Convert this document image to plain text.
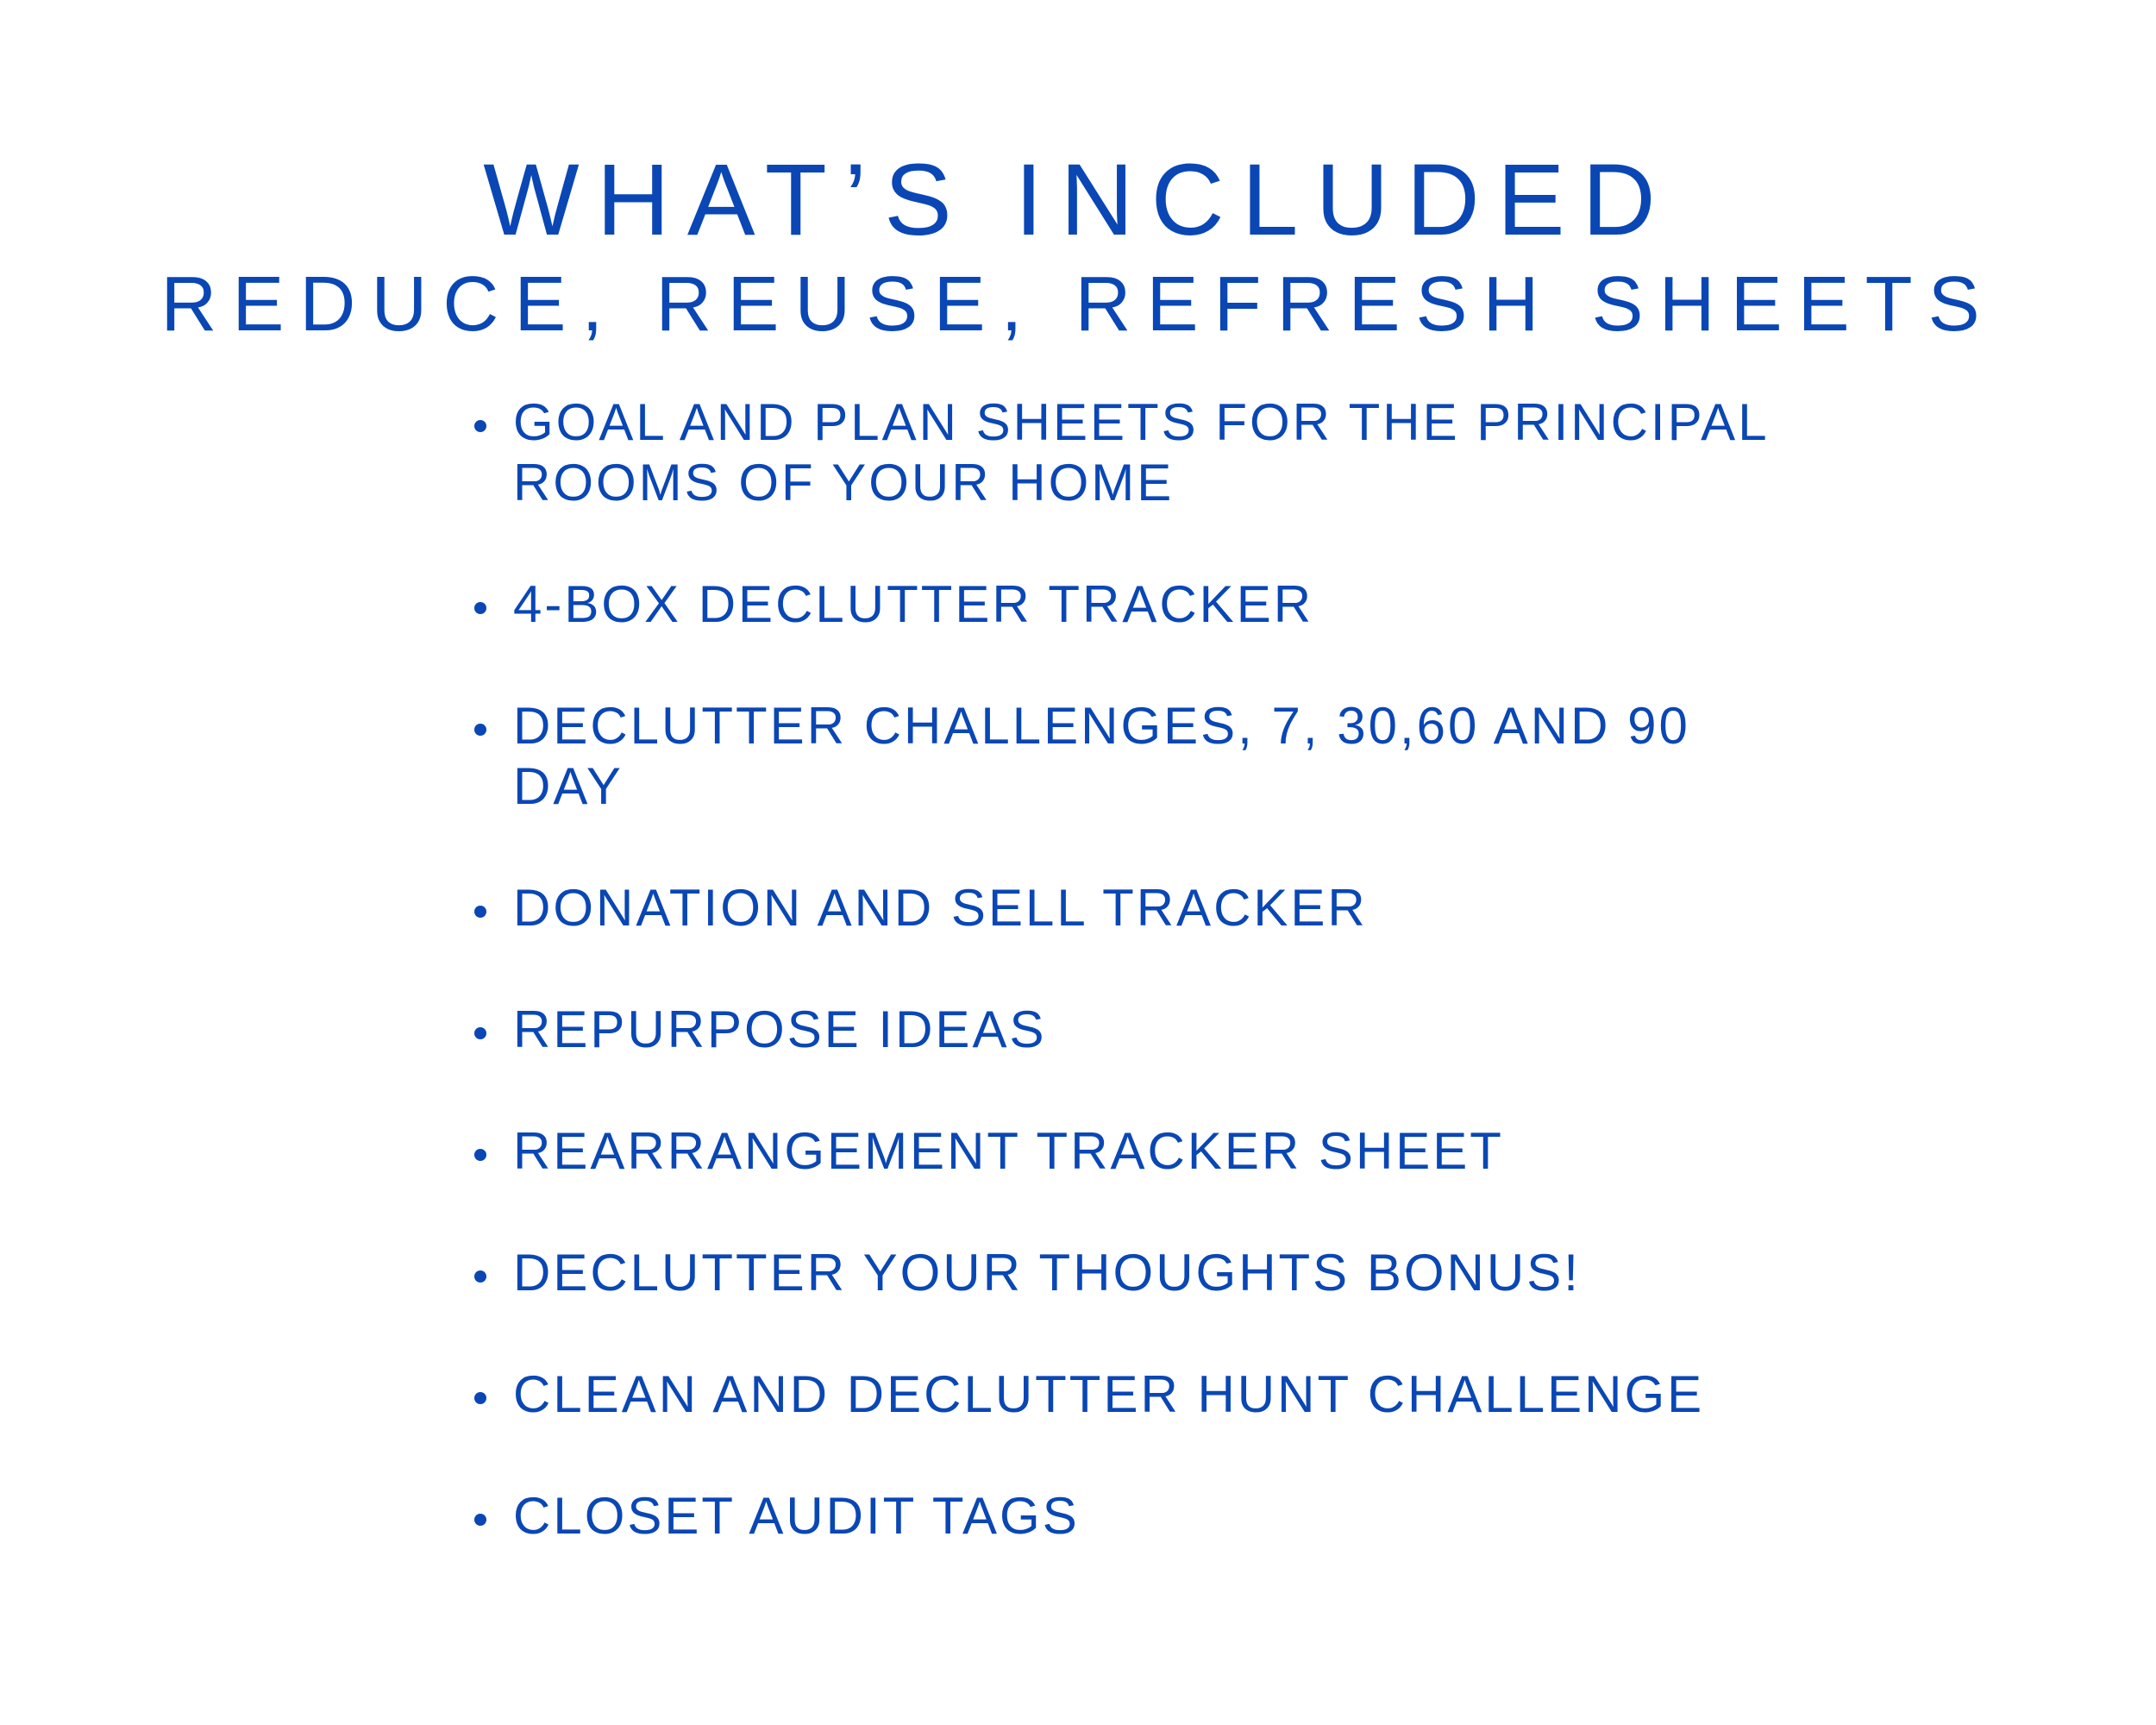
WHAT’S INCLUDED
REDUCE, REUSE, REFRESH SHEETS
GOAL AND PLAN SHEETS FOR THE PRINCIPAL ROOMS OF YOUR HOME
4-BOX DECLUTTER TRACKER
DECLUTTER CHALLENGES, 7, 30,60 AND 90 DAY
DONATION AND SELL TRACKER
REPURPOSE IDEAS
REARRANGEMENT TRACKER SHEET
DECLUTTER YOUR THOUGHTS BONUS!
CLEAN AND DECLUTTER HUNT CHALLENGE
CLOSET AUDIT TAGS
